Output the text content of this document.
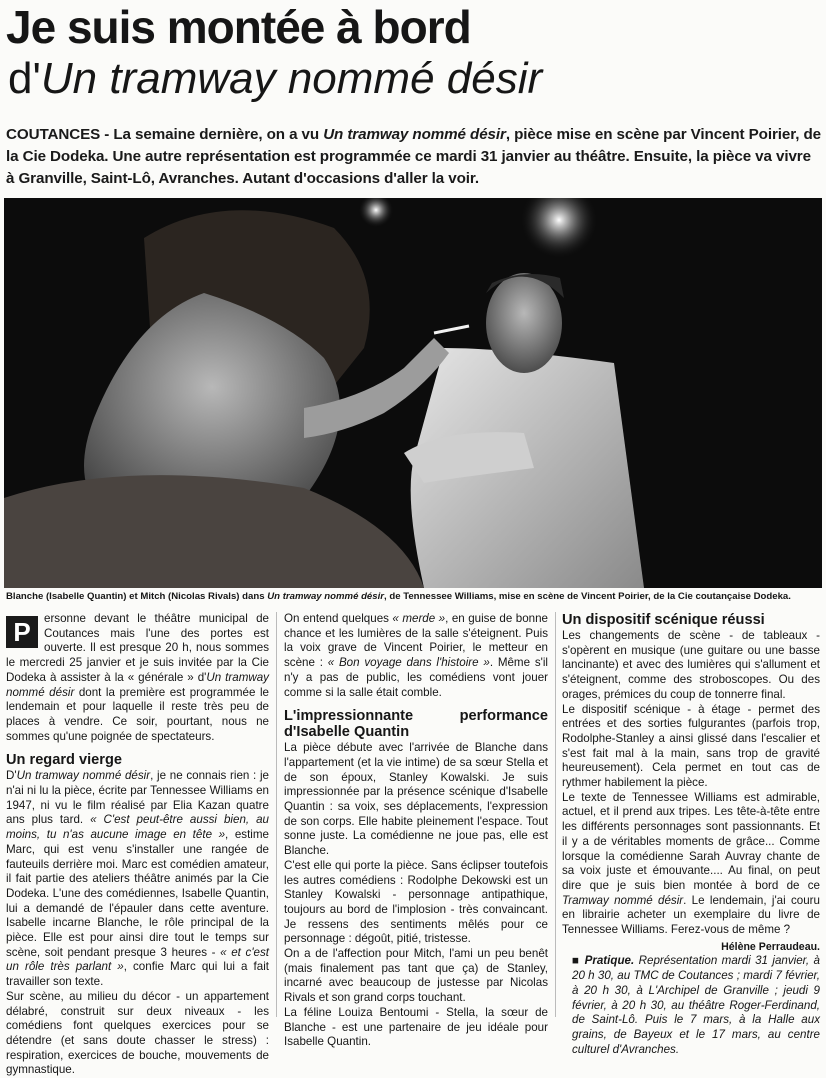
Je suis montée à bord
d'Un tramway nommé désir
COUTANCES - La semaine dernière, on a vu Un tramway nommé désir, pièce mise en scène par Vincent Poirier, de la Cie Dodeka. Une autre représentation est programmée ce mardi 31 janvier au théâtre. Ensuite, la pièce va vivre à Granville, Saint-Lô, Avranches. Autant d'occasions d'aller la voir.
Blanche (Isabelle Quantin) et Mitch (Nicolas Rivals) dans Un tramway nommé désir, de Tennessee Williams, mise en scène de Vincent Poirier, de la Cie coutançaise Dodeka.

P	ersonne devant le théâtre municipal de Coutances mais l'une des portes est ouverte. Il est presque 20 h, nous sommes le mercredi 25 janvier et je suis invitée par la Cie Dodeka à assister à la « générale » d'Un tramway nommé désir dont la première est programmée le lendemain et pour laquelle il reste très peu de places à vendre. Ce soir, pourtant, nous ne sommes qu'une poignée de spectateurs.

Un regard vierge

D'Un tramway nommé désir, je ne connais rien : je n'ai ni lu la pièce, écrite par Tennessee Williams en 1947, ni vu le film réalisé par Elia Kazan quatre ans plus tard. « C'est peut-être aussi bien, au moins, tu n'as aucune image en tête », estime Marc, qui est venu s'installer une rangée de fauteuils derrière moi. Marc est comédien amateur, il fait partie des ateliers théâtre animés par la Cie Dodeka. L'une des comédiennes, Isabelle Quantin, lui a demandé de l'épauler dans cette aventure. Isabelle incarne Blanche, le rôle principal de la pièce. Elle est pour ainsi dire tout le temps sur scène, soit pendant presque 3 heures - « et c'est un rôle très parlant », confie Marc qui lui a fait travailler son texte.

Sur scène, au milieu du décor - un appartement délabré, construit sur deux niveaux - les comédiens font quelques exercices pour se détendre (et sans doute chasser le stress) : respiration, exercices de bouche, mouvements de gymnastique.

On entend quelques « merde », en guise de bonne chance et les lumières de la salle s'éteignent. Puis la voix grave de Vincent Poirier, le metteur en scène : « Bon voyage dans l'histoire ». Même s'il n'y a pas de public, les comédiens vont jouer comme si la salle était comble.

L'impressionnante performance d'Isabelle Quantin

La pièce débute avec l'arrivée de Blanche dans l'appartement (et la vie intime) de sa sœur Stella et de son époux, Stanley Kowalski. Je suis impressionnée par la présence scénique d'Isabelle Quantin : sa voix, ses déplacements, l'expression de son corps. Elle habite pleinement l'espace. Tout sonne juste. La comédienne ne joue pas, elle est Blanche.

C'est elle qui porte la pièce. Sans éclipser toutefois les autres comédiens : Rodolphe Dekowski est un Stanley Kowalski - personnage antipathique, toujours au bord de l'implosion - très convaincant. Je ressens des sentiments mêlés pour ce personnage : dégoût, pitié, tristesse.

On a de l'affection pour Mitch, l'ami un peu benêt (mais finalement pas tant que ça) de Stanley, incarné avec beaucoup de justesse par Nicolas Rivals et son grand corps touchant.

La féline Louiza Bentoumi - Stella, la sœur de Blanche - est une partenaire de jeu idéale pour Isabelle Quantin.

Un dispositif scénique réussi

Les changements de scène - de tableaux - s'opèrent en musique (une guitare ou une basse lancinante) et avec des lumières qui s'allument et s'éteignent, comme des stroboscopes. Ou des orages, prémices du coup de tonnerre final.

Le dispositif scénique - à étage - permet des entrées et des sorties fulgurantes (parfois trop, Rodolphe-Stanley a ainsi glissé dans l'escalier et s'est fait mal à la main, sans trop de gravité heureusement). Cela permet en tout cas de rythmer habilement la pièce.

Le texte de Tennessee Williams est admirable, actuel, et il prend aux tripes. Les tête-à-tête entre les différents personnages sont passionnants. Et il y a de véritables moments de grâce... Comme lorsque la comédienne Sarah Auvray chante de sa voix juste et émouvante.... Au final, on peut dire que je suis bien montée à bord de ce Tramway nommé désir. Le lendemain, j'ai couru en librairie acheter un exemplaire du livre de Tennessee Williams. Ferez-vous de même ?

Hélène Perraudeau.

■ Pratique. Représentation mardi 31 janvier, à 20 h 30, au TMC de Coutances ; mardi 7 février, à 20 h 30, à L'Archipel de Granville ; jeudi 9 février, à 20 h 30, au théâtre Roger-Ferdinand, de Saint-Lô. Puis le 7 mars, à la Halle aux grains, de Bayeux et le 17 mars, au centre culturel d'Avranches.
